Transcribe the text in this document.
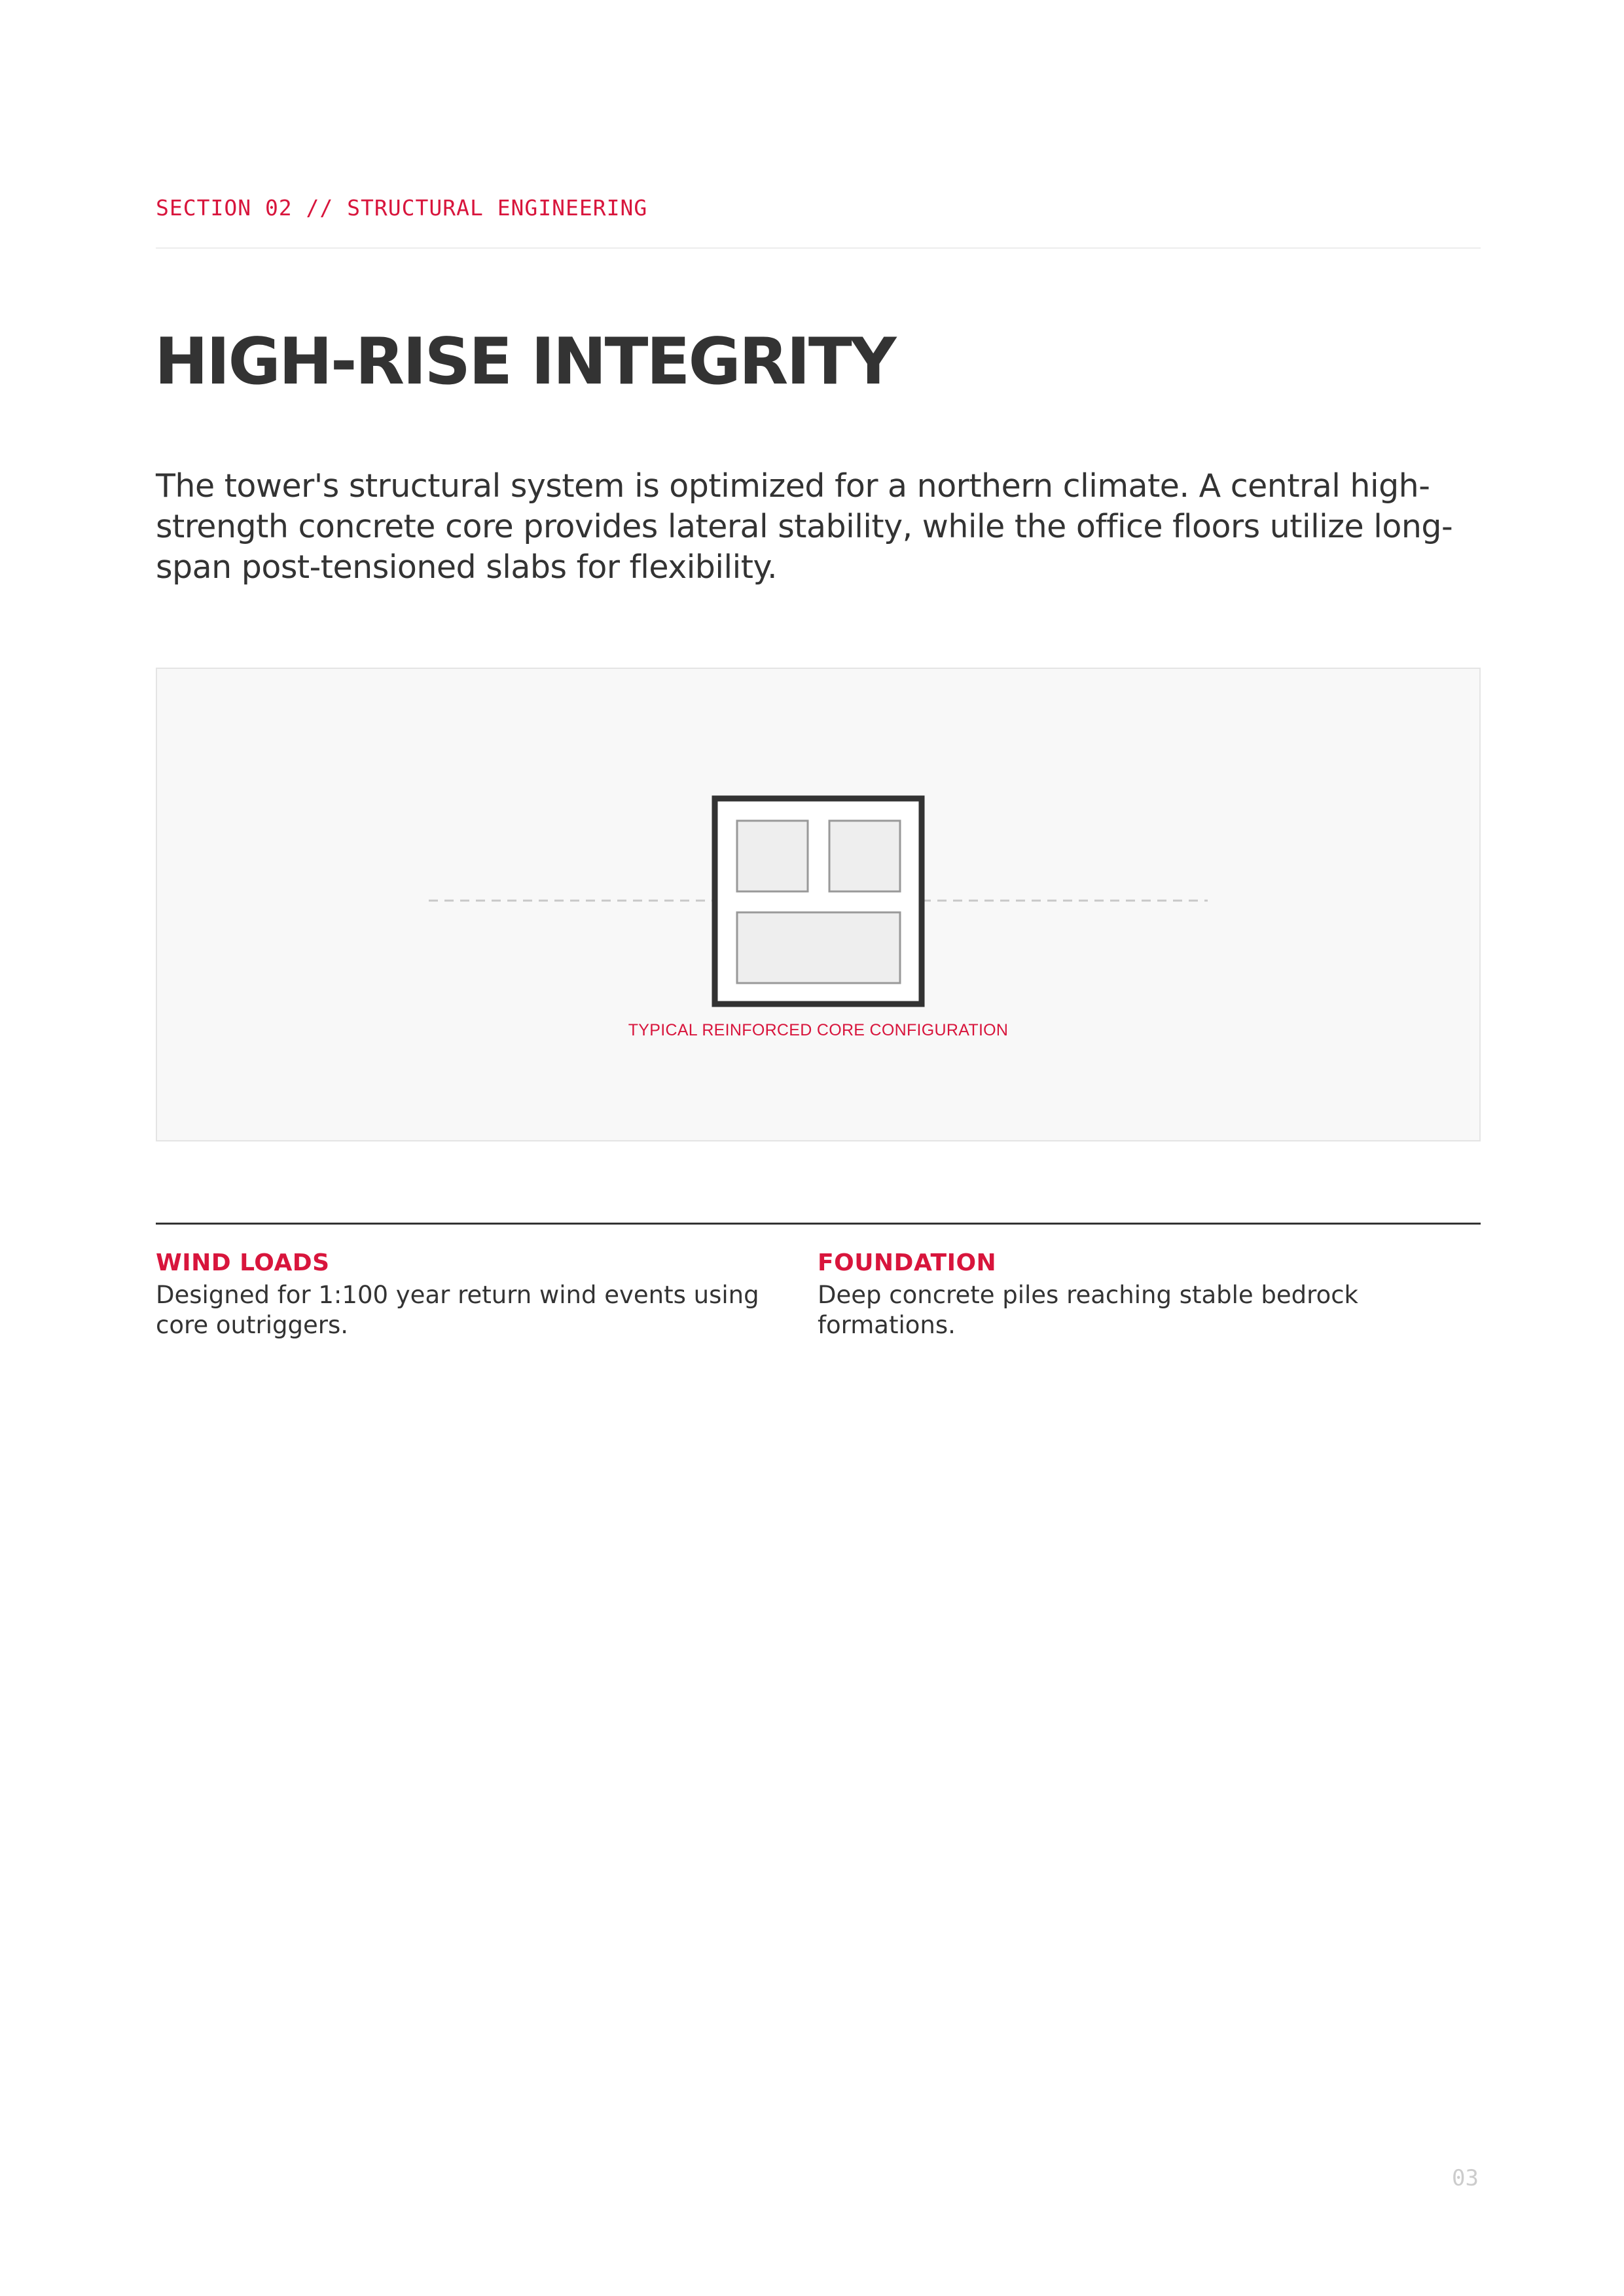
SECTION 02 // STRUCTURAL ENGINEERING
HIGH-RISE INTEGRITY

The tower's structural system is optimized for a northern climate. A central high-strength concrete core provides lateral stability, while the office floors utilize long-span post-tensioned slabs for flexibility.

TYPICAL REINFORCED CORE CONFIGURATION
WIND LOADS
Designed for 1:100 year return wind events using core outriggers.
FOUNDATION
Deep concrete piles reaching stable bedrock formations.
03
